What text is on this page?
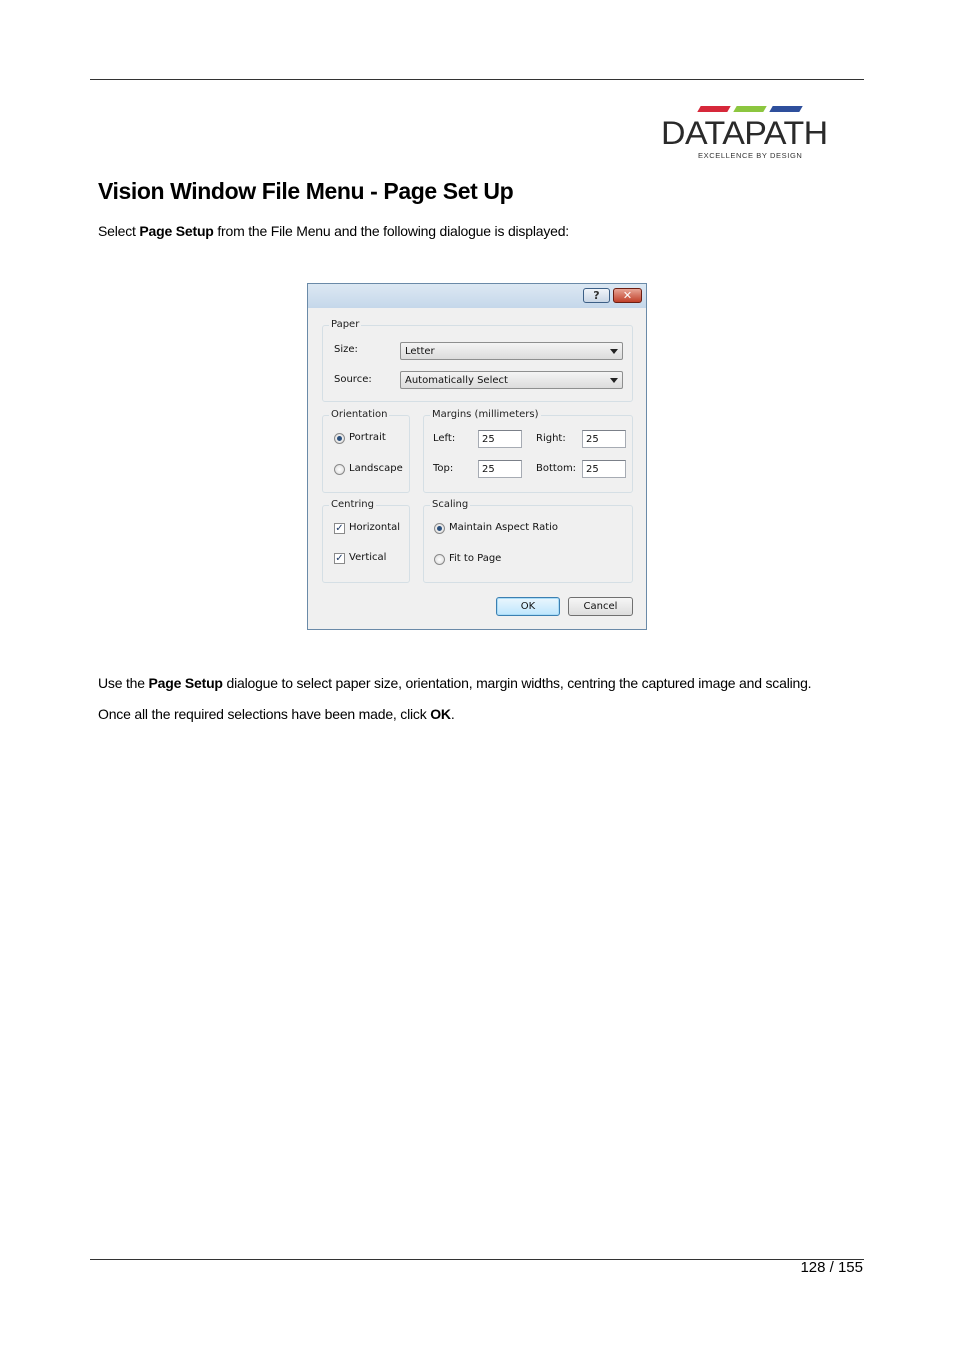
DATAPATH
EXCELLENCE BY DESIGN
Vision Window File Menu - Page Set Up

Select Page Setup from the File Menu and the following dialogue is displayed:

?	✕
Paper
Size:	Letter
Source:	Automatically Select
Orientation
Portrait
Landscape
Margins (millimeters)
Left:	25	Right: 25
Top:	25	Bottom: 25
Centring
✓ Horizontal
✓ Vertical
Scaling
Maintain Aspect Ratio
Fit to Page
OK	Cancel

Use the Page Setup dialogue to select paper size, orientation, margin widths, centring the captured image and scaling.

Once all the required selections have been made, click OK.

128 / 155
